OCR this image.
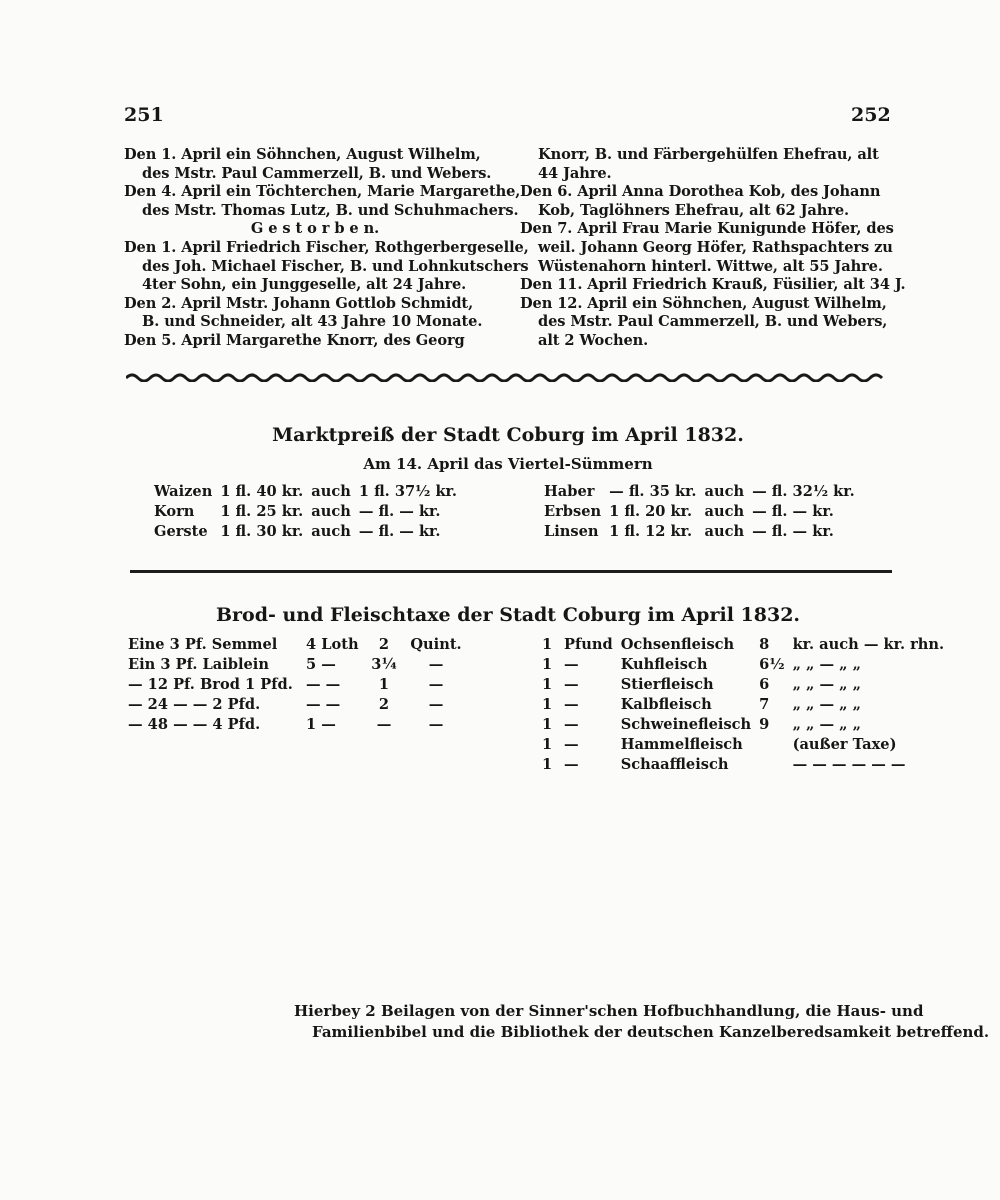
251	252

Den 1. April ein Söhnchen, August Wilhelm,

des Mstr. Paul Cammerzell, B. und Webers.

Den 4. April ein Töchterchen, Marie Margarethe,

des Mstr. Thomas Lutz, B. und Schuhmachers.

G e s t o r b e n.

Den 1. April Friedrich Fischer, Rothgerbergeselle,

des Joh. Michael Fischer, B. und Lohnkutschers

4ter Sohn, ein Junggeselle, alt 24 Jahre.

Den 2. April Mstr. Johann Gottlob Schmidt,

B. und Schneider, alt 43 Jahre 10 Monate.

Den 5. April Margarethe Knorr, des Georg

Knorr, B. und Färbergehülfen Ehefrau, alt

44 Jahre.

Den 6. April Anna Dorothea Kob, des Johann

Kob, Taglöhners Ehefrau, alt 62 Jahre.

Den 7. April Frau Marie Kunigunde Höfer, des

weil. Johann Georg Höfer, Rathspachters zu

Wüstenahorn hinterl. Wittwe, alt 55 Jahre.

Den 11. April Friedrich Krauß, Füsilier, alt 34 J.

Den 12. April ein Söhnchen, August Wilhelm,

des Mstr. Paul Cammerzell, B. und Webers,

alt 2 Wochen.

Marktpreiß der Stadt Coburg im April 1832.
Am 14. April das Viertel-Sümmern
Waizen	1 fl. 40 kr.	auch	1 fl. 37½ kr.
Korn	1 fl. 25 kr.	auch	— fl. — kr.
Gerste	1 fl. 30 kr.	auch	— fl. — kr.
Haber	— fl. 35 kr.	auch	— fl. 32½ kr.
Erbsen	1 fl. 20 kr.	auch	— fl. — kr.
Linsen	1 fl. 12 kr.	auch	— fl. — kr.
Brod- und Fleischtaxe der Stadt Coburg im April 1832.
Eine 3 Pf. Semmel	4 Loth	2	Quint.
Ein 3 Pf. Laiblein	5 —	3¼	—
— 12 Pf. Brod 1 Pfd.	— —	1	—
— 24 — — 2 Pfd.	— —	2	—
— 48 — — 4 Pfd.	1 —	—	—
1	Pfund	Ochsenfleisch	8	kr. auch — kr. rhn.
1	—	Kuhfleisch	6½	„ „ — „ „
1	—	Stierfleisch	6	„ „ — „ „
1	—	Kalbfleisch	7	„ „ — „ „
1	—	Schweinefleisch	9	„ „ — „ „
1	—	Hammelfleisch		(außer Taxe)
1	—	Schaaffleisch		— — — — — —

Hierbey 2 Beilagen von der Sinner'schen Hofbuchhandlung, die Haus- und

Familienbibel und die Bibliothek der deutschen Kanzelberedsamkeit betreffend.
